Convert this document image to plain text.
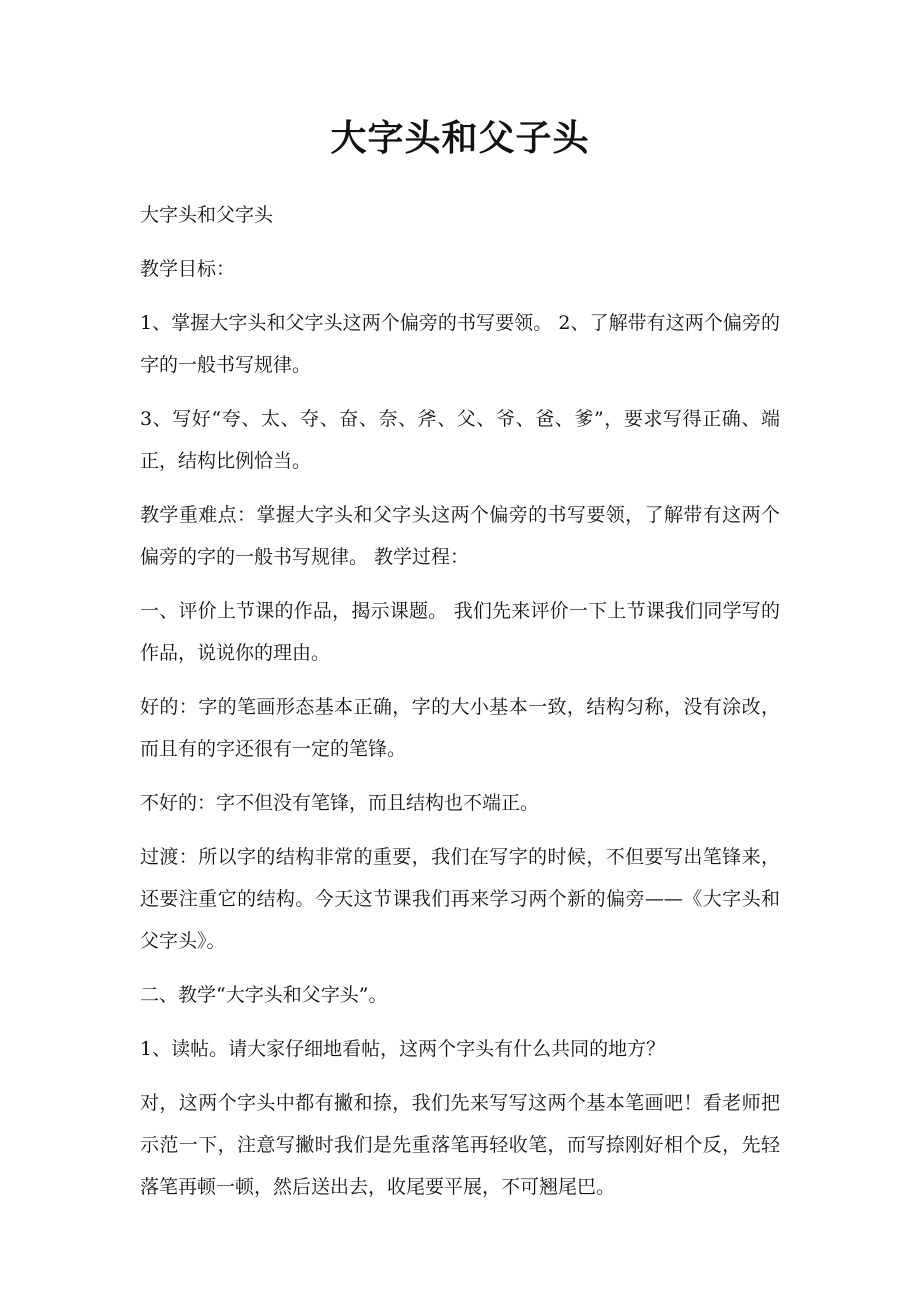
大字头和父子头

大字头和父字头

教学目标：

1、掌握大字头和父字头这两个偏旁的书写要领。 2、了解带有这两个偏旁的字的一般书写规律。

3、写好“夸、太、夺、奋、奈、斧、父、爷、爸、爹”，要求写得正确、端正，结构比例恰当。

教学重难点：掌握大字头和父字头这两个偏旁的书写要领，了解带有这两个偏旁的字的一般书写规律。 教学过程：

一、评价上节课的作品，揭示课题。 我们先来评价一下上节课我们同学写的作品，说说你的理由。

好的：字的笔画形态基本正确，字的大小基本一致，结构匀称，没有涂改，而且有的字还很有一定的笔锋。

不好的：字不但没有笔锋，而且结构也不端正。

过渡：所以字的结构非常的重要，我们在写字的时候，不但要写出笔锋来，还要注重它的结构。今天这节课我们再来学习两个新的偏旁——《大字头和父字头》。

二、教学“大字头和父字头”。

1、读帖。请大家仔细地看帖，这两个字头有什么共同的地方？

对，这两个字头中都有撇和捺，我们先来写写这两个基本笔画吧！看老师把示范一下，注意写撇时我们是先重落笔再轻收笔，而写捺刚好相个反，先轻落笔再顿一顿，然后送出去，收尾要平展，不可翘尾巴。
